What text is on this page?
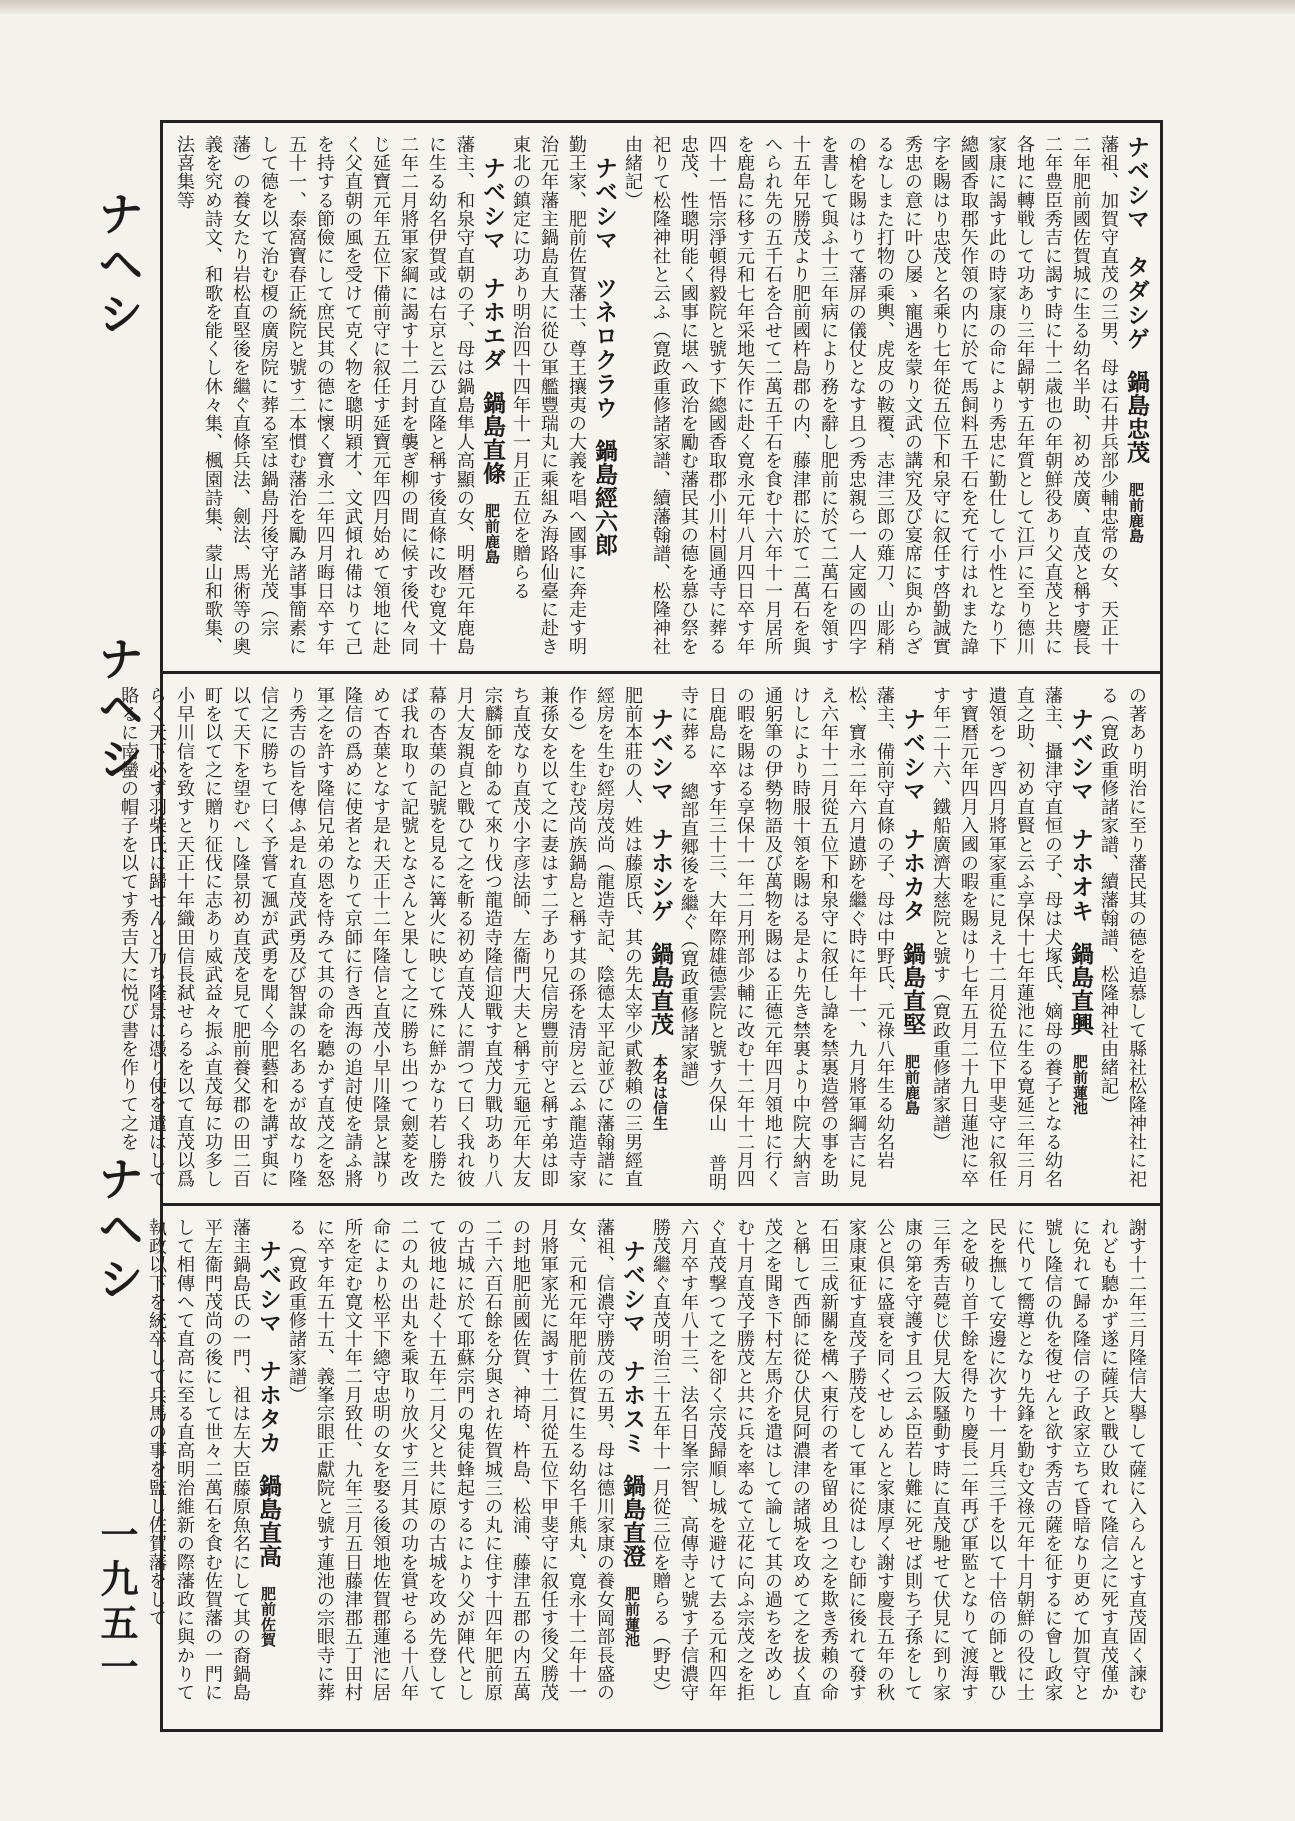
ナヘシ
ナヘシ
ナヘシ
一九五一
ナベシマ　タダシゲ　鍋島忠茂　肥前鹿島

藩祖、加賀守直茂の三男、母は石井兵部少輔忠常の女、天正十二年肥前國佐賀城に生る幼名半助、初め茂廣、直茂と稱す慶長二年豊臣秀吉に謁す時に十二歳也の年朝鮮役あり父直茂と共に各地に轉戦して功あり三年歸朝す五年質として江戸に至り德川家康に謁す此の時家康の命により秀忠に勤仕して小性となり下總國香取郡矢作領の内に於て馬飼料五千石を充て行はれまた諱字を賜はり忠茂と名乘り七年從五位下和泉守に叙任す啓勤誠實秀忠の意に叶ひ屡ゝ寵遇を蒙り文武の講究及び宴席に與からざるなしまた打物の乘輿、虎皮の鞍覆、志津三郎の薙刀、山彫稍の槍を賜はりて藩屏の儀仗となす且つ秀忠親ら一人定國の四字を書して與ふ十三年病により務を辭し肥前に於て二萬石を領す十五年兄勝茂より肥前國杵島郡の内、藤津郡に於て二萬石を與へられ先の五千石を合せて二萬五千石を食む十六年十一月居所を鹿島に移す元和七年采地矢作に赴く寛永元年八月四日卒す年四十一悟宗淨頓得毅院と號す下總國香取郡小川村圓通寺に葬る忠茂、性聰明能く國事に堪へ政治を勵む藩民其の德を慕ひ祭を祀りて松隆神社と云ふ（寛政重修諸家譜、續藩翰譜、松隆神社由緒記）
ナベシマ　ツネロクラウ　鍋島經六郎

勤王家、肥前佐賀藩士、尊王攘夷の大義を唱へ國事に奔走す明治元年藩主鍋島直大に從ひ軍艦豐瑞丸に乘組み海路仙臺に赴き東北の鎮定に功あり明治四十四年十一月正五位を贈らる
ナベシマ　ナホエダ　鍋島直條　肥前鹿島

藩主、和泉守直朝の子、母は鍋島隼人高顯の女、明暦元年鹿島に生る幼名伊賀或は右京と云ひ直隆と稱す後直條に改む寛文十二年二月將軍家綱に謁す十二月封を襲ぎ柳の間に候す後代々同じ延寶元年五位下備前守に叙任す延寶元年四月始めて領地に赴く父直朝の風を受けて克く物を聰明穎才、文武傾れ備はりて己を持する節儉にして庶民其の德に懷く寶永二年四月晦日卒す年五十一、泰窩寶春正統院と號す二本慣む藩治を勵み諸事簡素にして德を以て治む榎の廣房院に葬る室は鍋島丹後守光茂（宗藩）の養女たり岩松直堅後を繼ぐ直條兵法、劍法、馬術等の奧義を究め詩文、和歌を能くし休々集、楓園詩集、蒙山和歌集、法喜集等
の著あり明治に至り藩民其の德を追慕して縣社松隆神社に祀る（寛政重修諸家譜、續藩翰譜、松隆神社由緒記）
ナベシマ　ナホオキ　鍋島直興　肥前蓮池

藩主、攝津守直恒の子、母は犬塚氏、嫡母の養子となる幼名直之助、初め直賢と云ふ享保十七年蓮池に生る寛延三年三月遺領をつぎ四月將軍家重に見え十二月從五位下甲斐守に叙任す寶暦元年四月入國の暇を賜はり七年五月二十九日蓮池に卒す年二十六、鐵船廣濟大慈院と號す（寛政重修諸家譜）
ナベシマ　ナホカタ　鍋島直堅　肥前鹿島

藩主、備前守直條の子、母は中野氏、元祿八年生る幼名岩松、寶永二年六月遺跡を繼ぐ時に年十一、九月將軍綱吉に見え六年十二月從五位下和泉守に叙任し諱を禁裏造營の事を助けしにより時服十領を賜はる是より先き禁裏より中院大納言通躬筆の伊勢物語及び萬物を賜はる正德元年四月領地に行くの暇を賜はる享保十一年二月刑部少輔に改む十二年十二月四日鹿島に卒す年三十三、大年際雄德雲院と號す久保山 普明寺に葬る 總部直郷後を繼ぐ（寛政重修諸家譜）
ナベシマ　ナホシゲ　鍋島直茂　本名は信生

肥前本莊の人、姓は藤原氏、其の先太宰少貳教賴の三男經直經房を生む經房茂尚（龍造寺記、陰德太平記並びに藩翰譜に作る）を生む茂尚族鍋島と稱す其の孫を清房と云ふ龍造寺家兼孫女を以て之に妻はす二子あり兄信房豐前守と稱す弟は即ち直茂なり直茂小字彦法師、左衞門大夫と稱す元龜元年大友宗麟師を帥ゐて來り伐つ龍造寺隆信迎戰す直茂力戰功あり八月大友親貞と戰ひて之を斬る初め直茂人に謂つて曰く我れ彼幕の杏葉の記號を見るに篝火に映じて殊に鮮かなり若し勝たば我れ取りて記號となさんと果して之に勝ち出つて劍菱を改めて杏葉となす是れ天正十二年隆信と直茂小早川隆景と謀り隆信の爲めに使者となりて京師に行き西海の追討使を請ふ將軍之を許す隆信兄弟の恩を恃みて其の命を聽かず直茂之を怒り秀吉の旨を傳ふ是れ直茂武勇及び智謀の名あるが故なり隆信之に勝ちて曰く予嘗て渢が武勇を聞く今肥藝和を講ず與に以て天下を望むべし隆景初め直茂を見て肥前養父郡の田二百町を以て之に贈り征伐に志あり威武益々振ふ直茂毎に功多し小早川信を致すと天正十年織田信長弑せらるを以て直茂以爲らく天下必ず羽柴氏に歸せんと乃ち隆景に憑り使を遣はして賂るに南蠻の帽子を以てす秀吉大に悦び書を作りて之を
謝す十二年三月隆信大擧して薩に入らんとす直茂固く諫むれども聽かず遂に薩兵と戰ひ敗れて隆信之に死す直茂僅かに免れて歸る隆信の子政家立ちて昏暗なり更めて加賀守と號し隆信の仇を復せんと欲す秀吉の薩を征するに會し政家に代りて嚮導となり先鋒を勤む文祿元年十月朝鮮の役に士民を撫して安邊に次す十一月兵三千を以て十倍の師と戰ひ之を破り首千餘を得たり慶長二年再び軍監となりて渡海す三年秀吉薨じ伏見大阪騷動す時に直茂馳せて伏見に到り家康の第を守護す且つ云ふ臣若し難に死せば則ち子孫をして公と倶に盛衰を同くせしめんと家康厚く謝す慶長五年の秋家康東征す直茂子勝茂をして軍に從はしむ師に後れて發す石田三成新關を構へ東行の者を留め且つ之を欺き秀賴の命と稱して西師に從ひ伏見阿濃津の諸城を攻めて之を拔く直茂之を聞き下村左馬介を遣はして論して其の過ちを改めしむ十月直茂子勝茂と共に兵を率ゐて立花に向ふ宗茂之を拒ぐ直茂撃つて之を卻く宗茂歸順し城を避けて去る元和四年六月卒す年八十三、法名日峯宗智、高傳寺と號す子信濃守勝茂繼ぐ直茂明治三十五年十一月從三位を贈らる（野史）
ナベシマ　ナホスミ　鍋島直澄　肥前蓮池

藩祖、信濃守勝茂の五男、母は德川家康の養女岡部長盛の女、元和元年肥前佐賀に生る幼名千熊丸、寛永十二年十一月將軍家光に謁す十二月從五位下甲斐守に叙任す後父勝茂の封地肥前國佐賀、神埼、杵島、松浦、藤津五郡の内五萬二千六百石餘を分與され佐賀城三の丸に住す十四年肥前原の古城に於て耶蘇宗門の鬼徒蜂起するにより父が陣代として彼地に赴く十五年二月父と共に原の古城を攻め先登して二の丸の出丸を乘取り放火す三月其の功を賞せらる十八年命により松平下總守忠明の女を娶る後領地佐賀郡蓮池に居所を定む寛文十年二月致仕、九年三月五日藤津郡五丁田村に卒す年五十五、義峯宗眼正獻院と號す蓮池の宗眼寺に葬る（寛政重修諸家譜）
ナベシマ　ナホタカ　鍋島直高　肥前佐賀

藩主鍋島氏の一門、祖は左大臣藤原魚名にして其の裔鍋島平左衞門茂尚の後にして世々二萬石を食む佐賀藩の一門にして相傳へて直高に至る直高明治維新の際藩政に與かりて執政以下を統卒して兵馬の事を監し佐賀藩をして
